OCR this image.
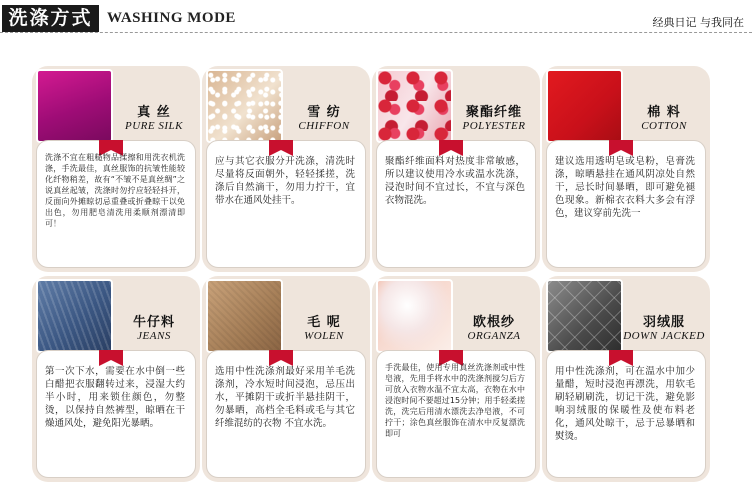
洗涤方式 WASHING MODE	经典日记 与我同在
真 丝
PURE SILK
洗涤不宜在粗糙物品揉擦和用洗衣机洗涤，手洗最佳，真丝服饰的抗皱性能较化纤物稍差，故有“不皱不是真丝绸”之说真丝起皱，洗涤时勿拧应轻轻抖开，反面向外摊晾切忌重叠或折叠晾干以免出色，勿用肥皂清洗用柔顺剂漂清即可！
雪 纺
CHIFFON
应与其它衣服分开洗涤，清洗时尽量将反面朝外，轻轻揉搓，洗涤后自然滴干，勿用力拧干，宜带水在通风处挂干。
聚酯纤维
POLYESTER
聚酯纤维面料对热度非常敏感，所以建议使用冷水或温水洗涤，浸泡时间不宜过长，不宜与深色衣物混洗。
棉 料
COTTON
建议选用透明皂或皂粉，皂膏洗涤，晾晒悬挂在通风阴凉处自然干，忌长时间暴晒，即可避免褪色现象。新棉衣衣料大多会有浮色，建议穿前先洗一
牛仔料
JEANS
第一次下水，需要在水中倒一些白醋把衣服翻转过来，浸湿大约半小时，用来锁住颜色，勿整烫，以保持自然裤型，晾晒在干燥通风处，避免阳光暴晒。
毛 呢
WOLEN
选用中性洗涤剂最好采用羊毛洗涤剂，冷水短时间浸泡，忌压出水，平摊阴干或折半悬挂阴干，勿暴晒，高档全毛料或毛与其它纤维混纺的衣物 不宜水洗。
欧根纱
ORGANZA
手洗最佳，使用专用真丝洗涤剂或中性皂液，先用手将水中的洗涤剂搅匀后方可放入衣物水温不宜太高，衣物在水中浸泡时间不要超过15分钟；用手轻柔搓洗，洗完后用清水漂洗去净皂液，不可拧干；涂色真丝服饰在清水中反复漂洗即可
羽绒服
DOWN JACKED
用中性洗涤剂，可在温水中加少量醋，短时浸泡再漂洗，用软毛刷轻刷刷洗，切记干洗，避免影响羽绒服的保暖性及使布料老化，通风处晾干，忌于忌暴晒和熨烫。
